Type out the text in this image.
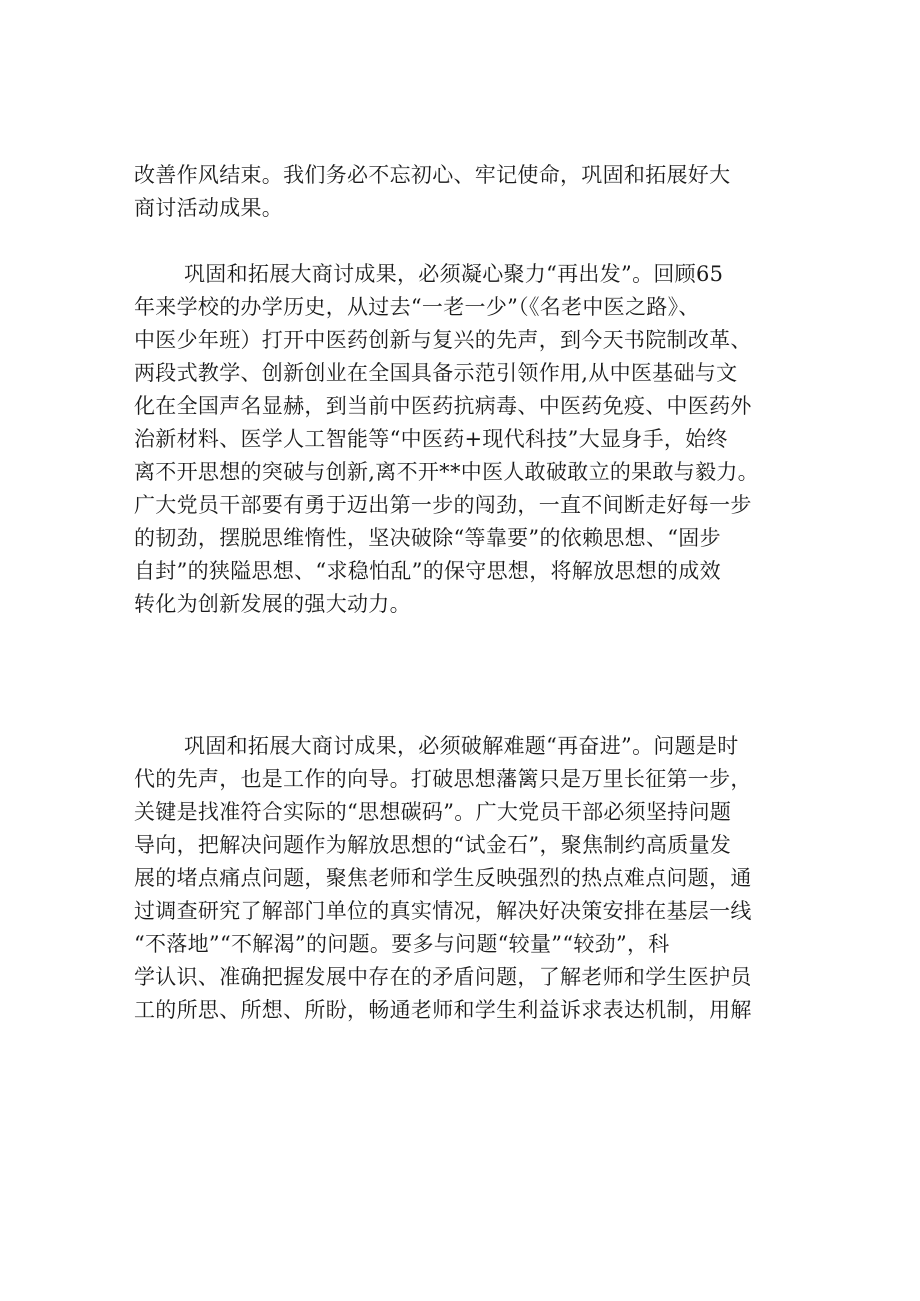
改善作风结束。我们务必不忘初心、牢记使命，巩固和拓展好大
商讨活动成果。
巩固和拓展大商讨成果，必须凝心聚力“再出发”。回顾65
年来学校的办学历史，从过去“一老一少”（《名老中医之路》、
中医少年班）打开中医药创新与复兴的先声，到今天书院制改革、
两段式教学、创新创业在全国具备示范引领作用,从中医基础与文
化在全国声名显赫，到当前中医药抗病毒、中医药免疫、中医药外
治新材料、医学人工智能等“中医药+现代科技”大显身手，始终
离不开思想的突破与创新,离不开**中医人敢破敢立的果敢与毅力。
广大党员干部要有勇于迈出第一步的闯劲，一直不间断走好每一步
的韧劲，摆脱思维惰性，坚决破除“等靠要”的依赖思想、“固步
自封”的狭隘思想、“求稳怕乱”的保守思想，将解放思想的成效
转化为创新发展的强大动力。
巩固和拓展大商讨成果，必须破解难题“再奋进”。问题是时
代的先声，也是工作的向导。打破思想藩篱只是万里长征第一步，
关键是找准符合实际的“思想碳码”。广大党员干部必须坚持问题
导向，把解决问题作为解放思想的“试金石”，聚焦制约高质量发
展的堵点痛点问题，聚焦老师和学生反映强烈的热点难点问题，通
过调查研究了解部门单位的真实情况，解决好决策安排在基层一线
“不落地”“不解渴”的问题。要多与问题“较量”“较劲”，科
学认识、准确把握发展中存在的矛盾问题，了解老师和学生医护员
工的所思、所想、所盼，畅通老师和学生利益诉求表达机制，用解
